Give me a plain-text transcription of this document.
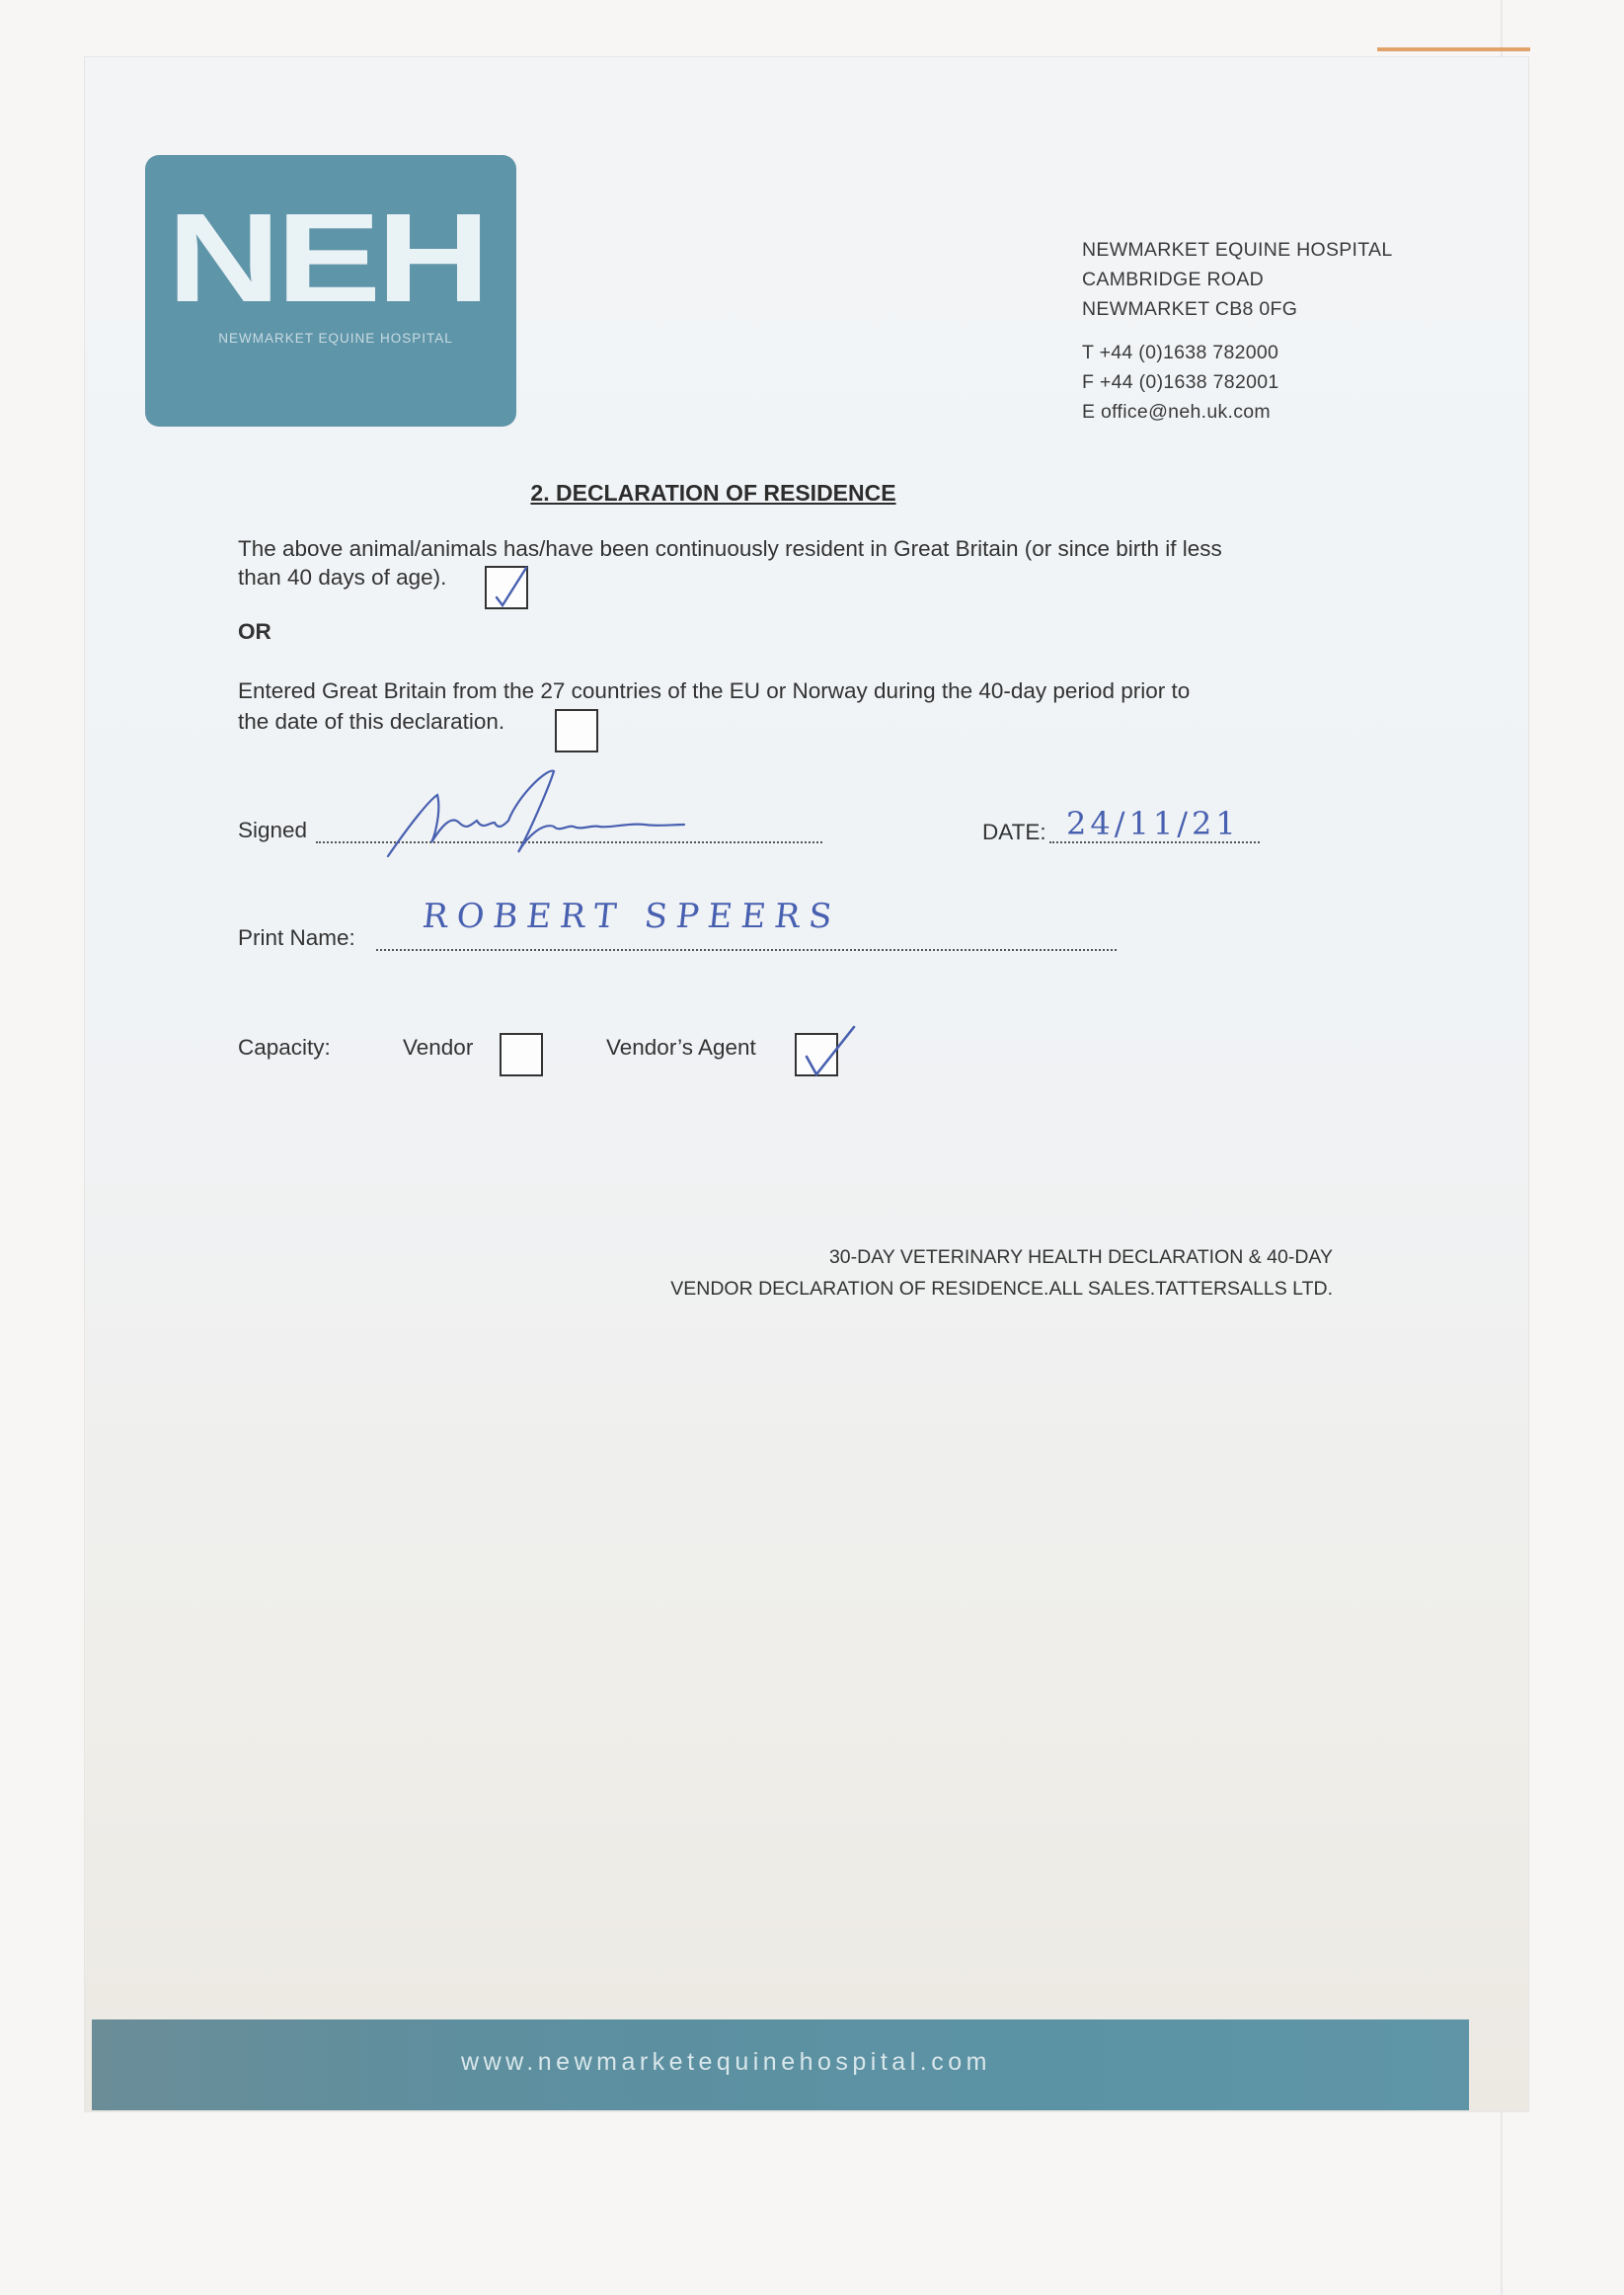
NEH
NEWMARKET EQUINE HOSPITAL
NEWMARKET EQUINE HOSPITAL
CAMBRIDGE ROAD
NEWMARKET CB8 0FG
T +44 (0)1638 782000
F +44 (0)1638 782001
E office@neh.uk.com
2. DECLARATION OF RESIDENCE
The above animal/animals has/have been continuously resident in Great Britain (or since birth if less
than 40 days of age).
OR
Entered Great Britain from the 27 countries of the EU or Norway during the 40-day period prior to
the date of this declaration.
Signed	DATE: 24/11/21
Print Name:
ROBERT SPEERS
Capacity:	Vendor	Vendor’s Agent
30-DAY VETERINARY HEALTH DECLARATION & 40-DAY
VENDOR DECLARATION OF RESIDENCE.ALL SALES.TATTERSALLS LTD.
www.newmarketequinehospital.com
